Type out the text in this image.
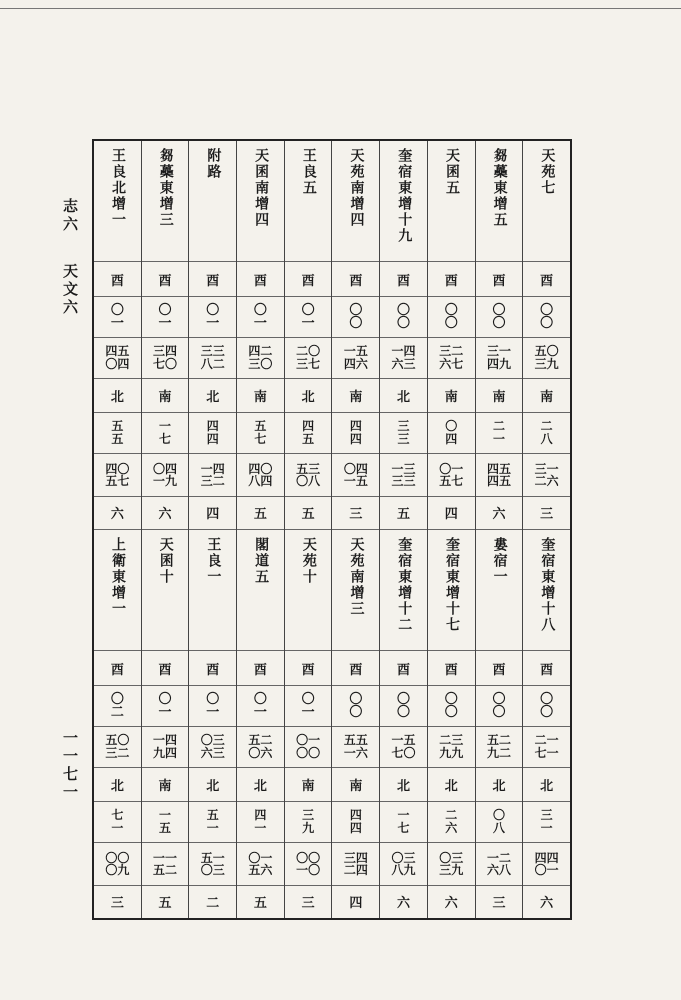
志六
天文六
一一七一
天苑七
酉
〇
〇
五〇
三九
南
二
八
三一
二六
三
奎宿東增十八
酉
〇
〇
二一
七一
北
三
一
四四
〇一
六
芻蘽東增五
酉
〇
〇
三一
四九
南
二
一
四五
四五
六
婁宿一
酉
〇
〇
五二
九二
北
〇
八
一二
六八
三
天囷五
酉
〇
〇
三二
六七
南
〇
四
〇一
五七
四
奎宿東增十七
酉
〇
〇
二三
九九
北
二
六
〇三
三九
六
奎宿東增十九
酉
〇
〇
一四
六三
北
三
三
一三
三三
五
奎宿東增十二
酉
〇
〇
一五
七〇
北
一
七
〇三
八九
六
天苑南增四
酉
〇
〇
一五
四六
南
四
四
〇四
一五
三
天苑南增三
酉
〇
〇
五五
一六
南
四
四
三四
二四
四
王良五
酉
〇
一
二〇
三七
北
四
五
五三
〇八
五
天苑十
酉
〇
一
〇一
〇〇
南
三
九
〇〇
一〇
三
天囷南增四
酉
〇
一
四二
三〇
南
五
七
四〇
八四
五
閣道五
酉
〇
一
五二
〇六
北
四
一
〇一
五六
五
附路
酉
〇
一
三三
八二
北
四
四
一四
三二
四
王良一
酉
〇
一
〇三
六三
北
五
一
五一
〇三
二
芻蘽東增三
酉
〇
一
三四
七〇
南
一
七
〇四
一九
六
天囷十
酉
〇
一
一四
九四
南
一
五
一一
五二
五
王良北增一
酉
〇
一
四五
〇四
北
五
五
四〇
五七
六
上衛東增一
酉
〇
二
五〇
三二
北
七
一
〇〇
〇九
三
